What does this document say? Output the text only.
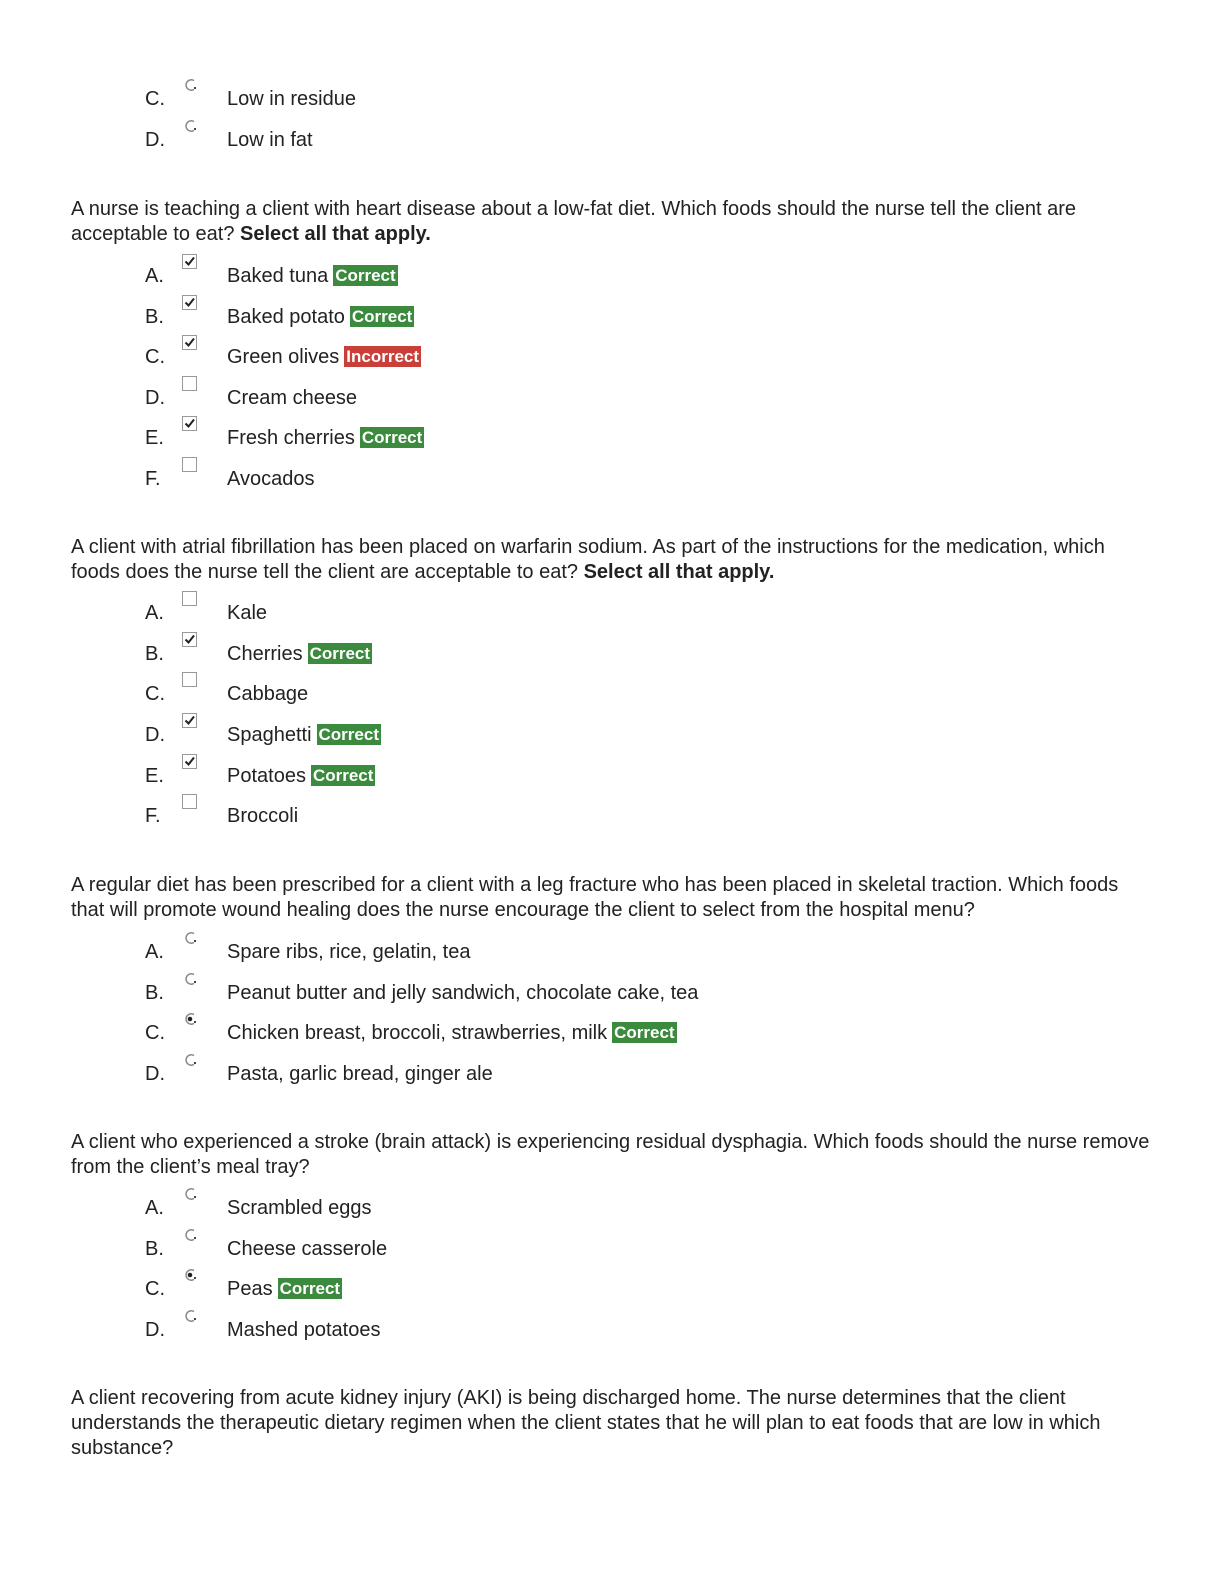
C.	Low in residue
D.	Low in fat

A nurse is teaching a client with heart disease about a low-fat diet. Which foods should the nurse tell the client are acceptable to eat? Select all that apply.

A.	Baked tuna Correct
B.	Baked potato Correct
C.	Green olives Incorrect
D.	Cream cheese
E.	Fresh cherries Correct
F.	Avocados

A client with atrial fibrillation has been placed on warfarin sodium. As part of the instructions for the medication, which foods does the nurse tell the client are acceptable to eat? Select all that apply.

A.	Kale
B.	Cherries Correct
C.	Cabbage
D.	Spaghetti Correct
E.	Potatoes Correct
F.	Broccoli

A regular diet has been prescribed for a client with a leg fracture who has been placed in skeletal traction. Which foods that will promote wound healing does the nurse encourage the client to select from the hospital menu?

A.	Spare ribs, rice, gelatin, tea
B.	Peanut butter and jelly sandwich, chocolate cake, tea
C.	Chicken breast, broccoli, strawberries, milk Correct
D.	Pasta, garlic bread, ginger ale

A client who experienced a stroke (brain attack) is experiencing residual dysphagia. Which foods should the nurse remove from the client’s meal tray?

A.	Scrambled eggs
B.	Cheese casserole
C.	Peas Correct
D.	Mashed potatoes

A client recovering from acute kidney injury (AKI) is being discharged home. The nurse determines that the client understands the therapeutic dietary regimen when the client states that he will plan to eat foods that are low in which substance?
